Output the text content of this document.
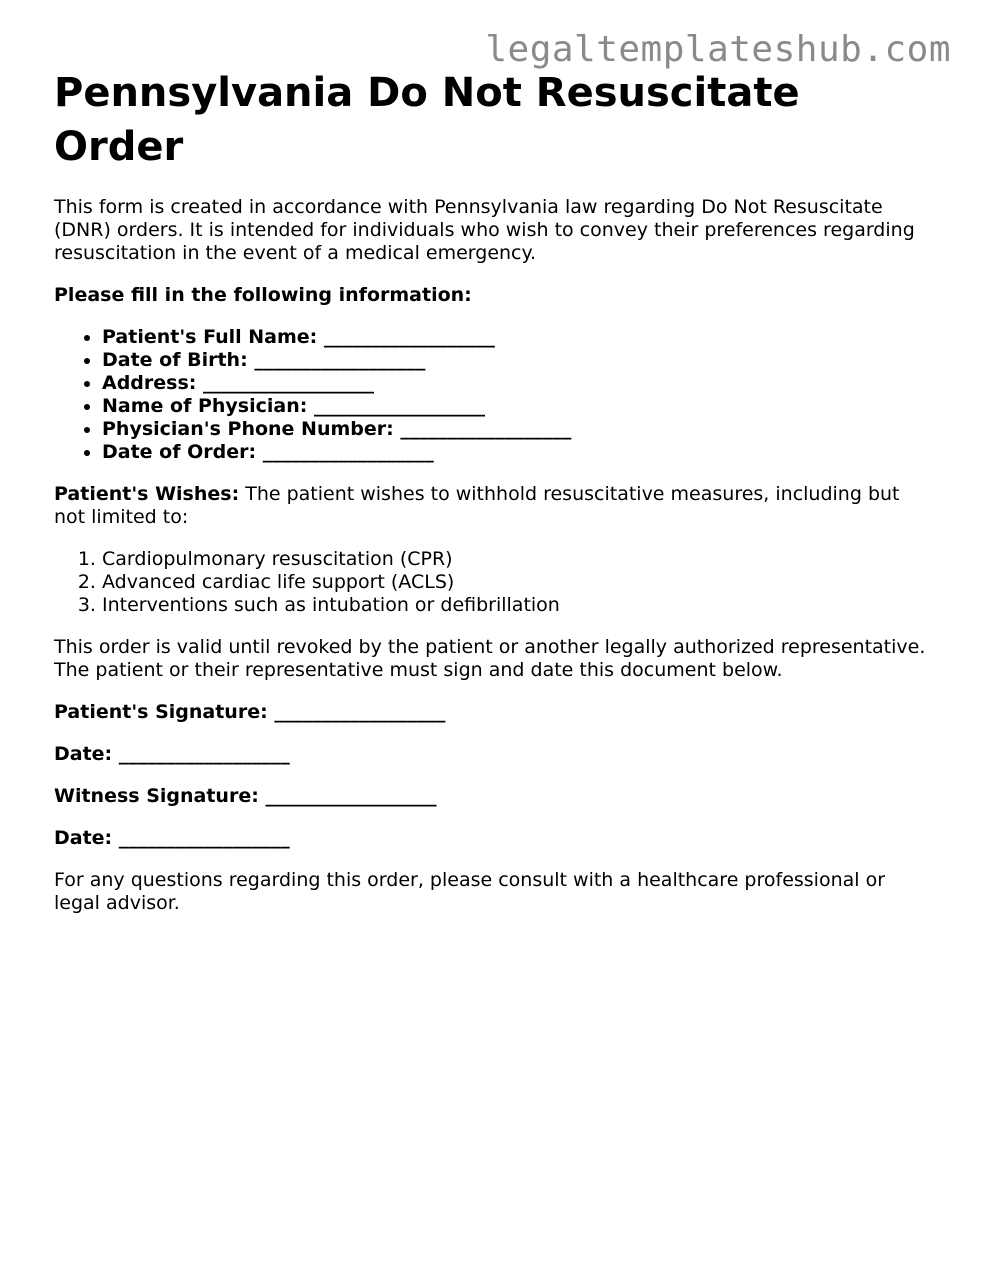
legaltemplateshub.com
Pennsylvania Do Not Resuscitate Order

This form is created in accordance with Pennsylvania law regarding Do Not Resuscitate (DNR) orders. It is intended for individuals who wish to convey their preferences regarding resuscitation in the event of a medical emergency.

Please fill in the following information:

• Patient's Full Name: __________________
• Date of Birth: __________________
• Address: __________________
• Name of Physician: __________________
• Physician's Phone Number: __________________
• Date of Order: __________________

Patient's Wishes: The patient wishes to withhold resuscitative measures, including but not limited to:

1. Cardiopulmonary resuscitation (CPR)
2. Advanced cardiac life support (ACLS)
3. Interventions such as intubation or defibrillation

This order is valid until revoked by the patient or another legally authorized representative. The patient or their representative must sign and date this document below.

Patient's Signature: __________________

Date: __________________

Witness Signature: __________________

Date: __________________

For any questions regarding this order, please consult with a healthcare professional or legal advisor.
